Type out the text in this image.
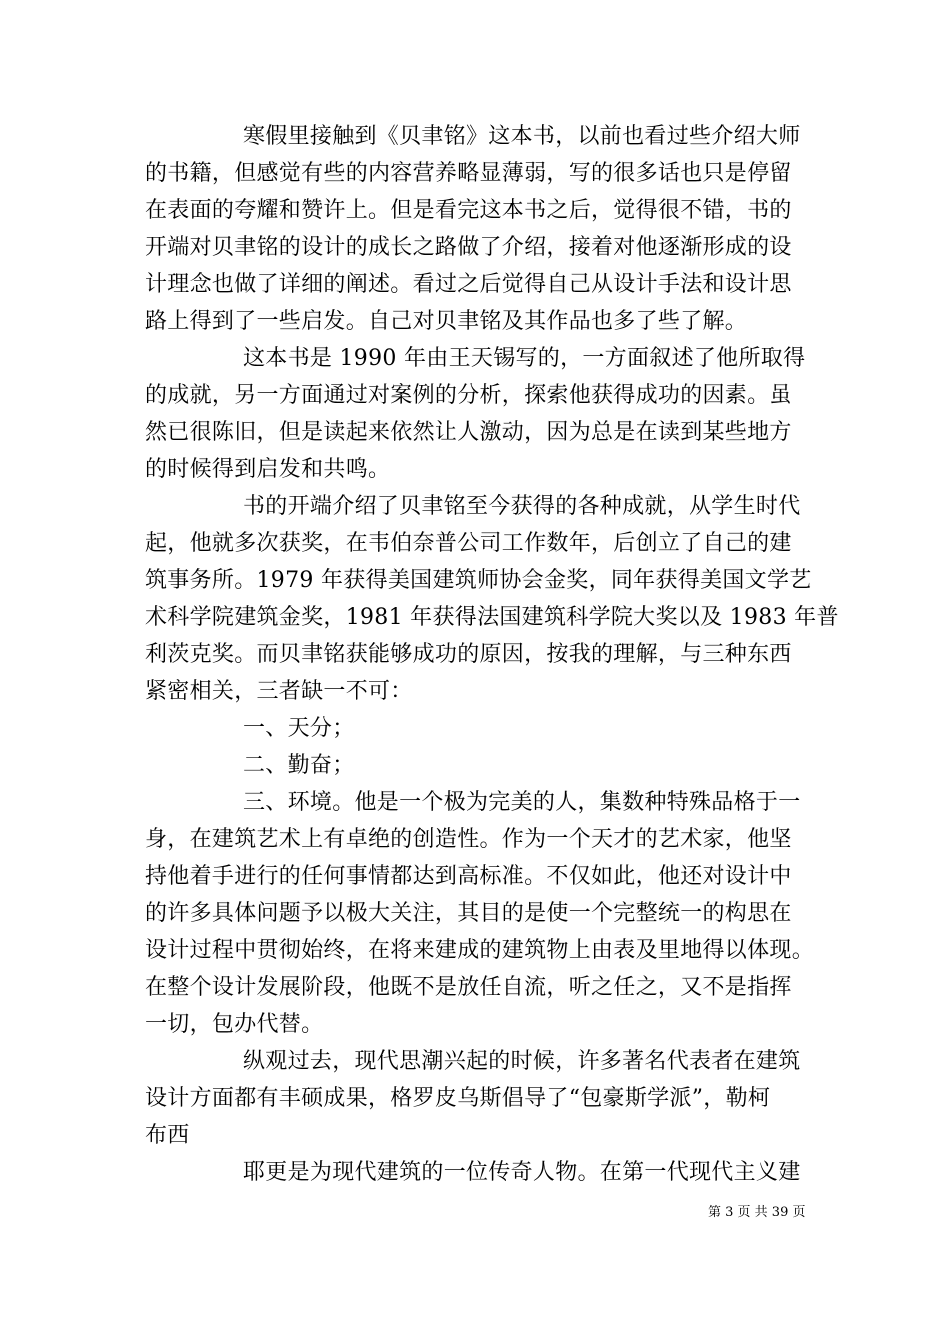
寒假里接触到《贝聿铭》这本书，以前也看过些介绍大师
的书籍，但感觉有些的内容营养略显薄弱，写的很多话也只是停留
在表面的夸耀和赞许上。但是看完这本书之后，觉得很不错，书的
开端对贝聿铭的设计的成长之路做了介绍，接着对他逐渐形成的设
计理念也做了详细的阐述。看过之后觉得自己从设计手法和设计思
路上得到了一些启发。自己对贝聿铭及其作品也多了些了解。
这本书是 1990 年由王天锡写的，一方面叙述了他所取得
的成就，另一方面通过对案例的分析，探索他获得成功的因素。虽
然已很陈旧，但是读起来依然让人激动，因为总是在读到某些地方
的时候得到启发和共鸣。
书的开端介绍了贝聿铭至今获得的各种成就，从学生时代
起，他就多次获奖，在韦伯奈普公司工作数年，后创立了自己的建
筑事务所。1979 年获得美国建筑师协会金奖，同年获得美国文学艺
术科学院建筑金奖，1981 年获得法国建筑科学院大奖以及 1983 年普
利茨克奖。而贝聿铭获能够成功的原因，按我的理解，与三种东西
紧密相关，三者缺一不可：
一、天分；
二、勤奋；
三、环境。他是一个极为完美的人，集数种特殊品格于一
身，在建筑艺术上有卓绝的创造性。作为一个天才的艺术家，他坚
持他着手进行的任何事情都达到高标准。不仅如此，他还对设计中
的许多具体问题予以极大关注，其目的是使一个完整统一的构思在
设计过程中贯彻始终，在将来建成的建筑物上由表及里地得以体现。
在整个设计发展阶段，他既不是放任自流，听之任之，又不是指挥
一切，包办代替。
纵观过去，现代思潮兴起的时候，许多著名代表者在建筑
设计方面都有丰硕成果，格罗皮乌斯倡导了“包豪斯学派”，勒柯
布西
耶更是为现代建筑的一位传奇人物。在第一代现代主义建
第 3 页 共 39 页
